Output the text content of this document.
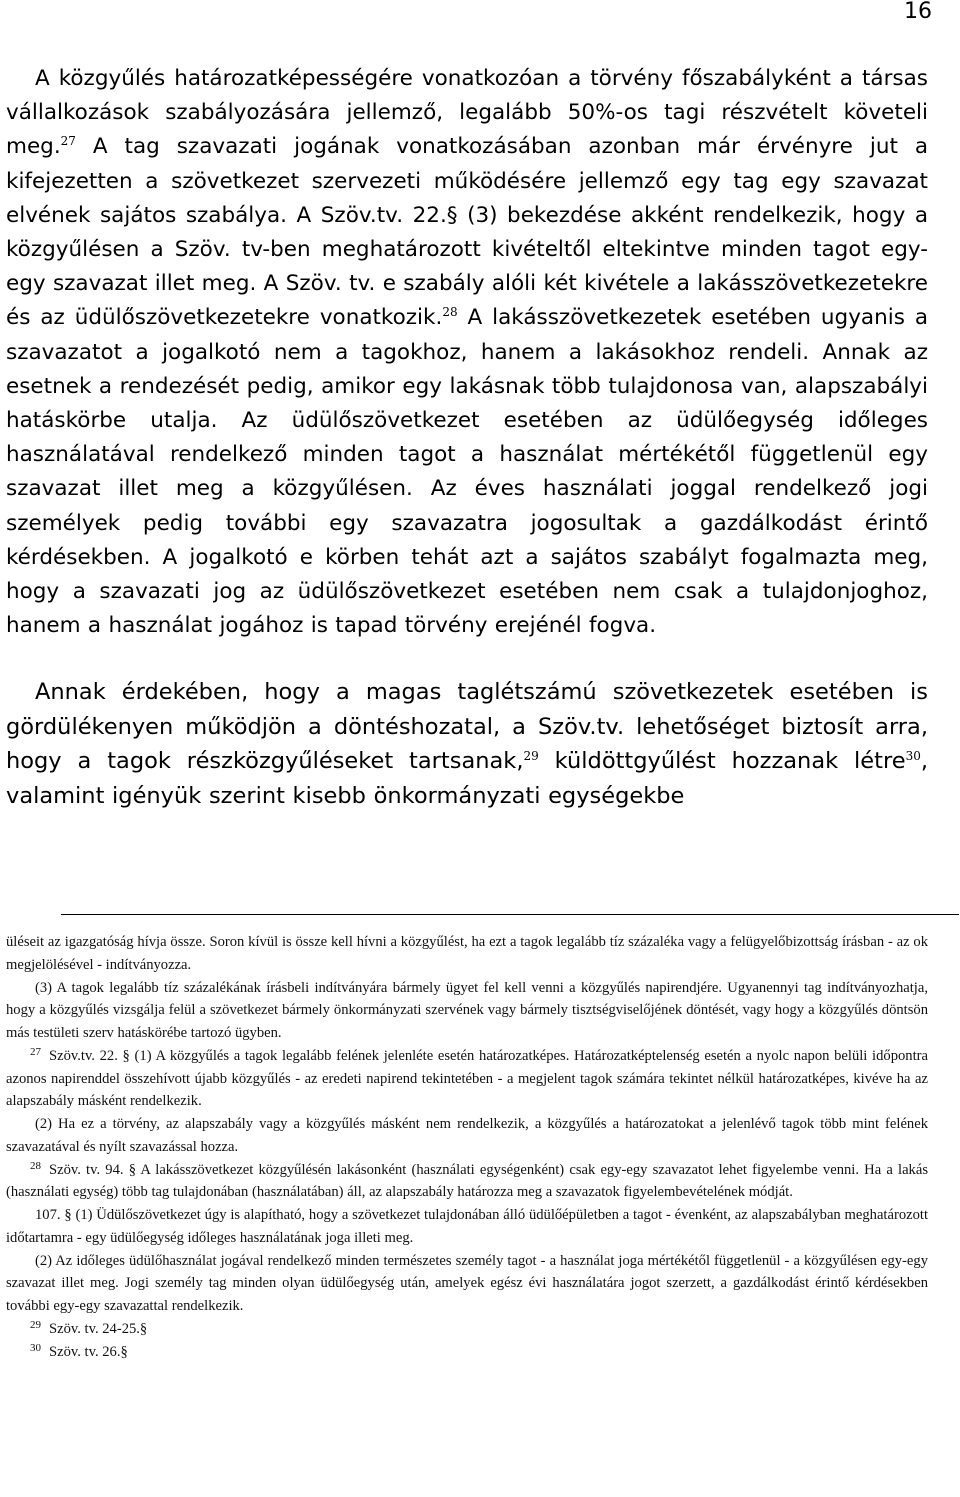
16

A közgyűlés határozatképességére vonatkozóan a törvény főszabályként a társas vállalkozások szabályozására jellemző, legalább 50%-os tagi részvételt követeli meg.$^{27}$ A tag szavazati jogának vonatkozásában azonban már érvényre jut a kifejezetten a szövetkezet szervezeti működésére jellemző egy tag egy szavazat elvének sajátos szabálya. A Szöv.tv. 22.§ (3) bekezdése akként rendelkezik, hogy a közgyűlésen a Szöv. tv-ben meghatározott kivételtől eltekintve minden tagot egy-egy szavazat illet meg. A Szöv. tv. e szabály alóli két kivétele a lakásszövetkezetekre és az üdülőszövetkezetekre vonatkozik.$^{28}$ A lakásszövetkezetek esetében ugyanis a szavazatot a jogalkotó nem a tagokhoz, hanem a lakásokhoz rendeli. Annak az esetnek a rendezését pedig, amikor egy lakásnak több tulajdonosa van, alapszabályi hatáskörbe utalja. Az üdülőszövetkezet esetében az üdülőegység időleges használatával rendelkező minden tagot a használat mértékétől függetlenül egy szavazat illet meg a közgyűlésen. Az éves használati joggal rendelkező jogi személyek pedig további egy szavazatra jogosultak a gazdálkodást érintő kérdésekben. A jogalkotó e körben tehát azt a sajátos szabályt fogalmazta meg, hogy a szavazati jog az üdülőszövetkezet esetében nem csak a tulajdonjoghoz, hanem a használat jogához is tapad törvény erejénél fogva.

Annak érdekében, hogy a magas taglétszámú szövetkezetek esetében is gördülékenyen működjön a döntéshozatal, a Szöv.tv. lehetőséget biztosít arra, hogy a tagok részközgyűléseket tartsanak,$^{29}$ küldöttgyűlést hozzanak létre$^{30}$, valamint igényük szerint kisebb önkormányzati egységekbe

üléseit az igazgatóság hívja össze. Soron kívül is össze kell hívni a közgyűlést, ha ezt a tagok legalább tíz százaléka vagy a felügyelőbizottság írásban - az ok megjelölésével - indítványozza.

(3) A tagok legalább tíz százalékának írásbeli indítványára bármely ügyet fel kell venni a közgyűlés napirendjére. Ugyanennyi tag indítványozhatja, hogy a közgyűlés vizsgálja felül a szövetkezet bármely önkormányzati szervének vagy bármely tisztségviselőjének döntését, vagy hogy a közgyűlés döntsön más testületi szerv hatáskörébe tartozó ügyben.

$^{27}$ Szöv.tv. 22. § (1) A közgyűlés a tagok legalább felének jelenléte esetén határozatképes. Határozatképtelenség esetén a nyolc napon belüli időpontra azonos napirenddel összehívott újabb közgyűlés - az eredeti napirend tekintetében - a megjelent tagok számára tekintet nélkül határozatképes, kivéve ha az alapszabály másként rendelkezik.

(2) Ha ez a törvény, az alapszabály vagy a közgyűlés másként nem rendelkezik, a közgyűlés a határozatokat a jelenlévő tagok több mint felének szavazatával és nyílt szavazással hozza.

$^{28}$ Szöv. tv. 94. § A lakásszövetkezet közgyűlésén lakásonként (használati egységenként) csak egy-egy szavazatot lehet figyelembe venni. Ha a lakás (használati egység) több tag tulajdonában (használatában) áll, az alapszabály határozza meg a szavazatok figyelembevételének módját.

107. § (1) Üdülőszövetkezet úgy is alapítható, hogy a szövetkezet tulajdonában álló üdülőépületben a tagot - évenként, az alapszabályban meghatározott időtartamra - egy üdülőegység időleges használatának joga illeti meg.

(2) Az időleges üdülőhasználat jogával rendelkező minden természetes személy tagot - a használat joga mértékétől függetlenül - a közgyűlésen egy-egy szavazat illet meg. Jogi személy tag minden olyan üdülőegység után, amelyek egész évi használatára jogot szerzett, a gazdálkodást érintő kérdésekben további egy-egy szavazattal rendelkezik.

$^{29}$ Szöv. tv. 24-25.§

$^{30}$ Szöv. tv. 26.§
